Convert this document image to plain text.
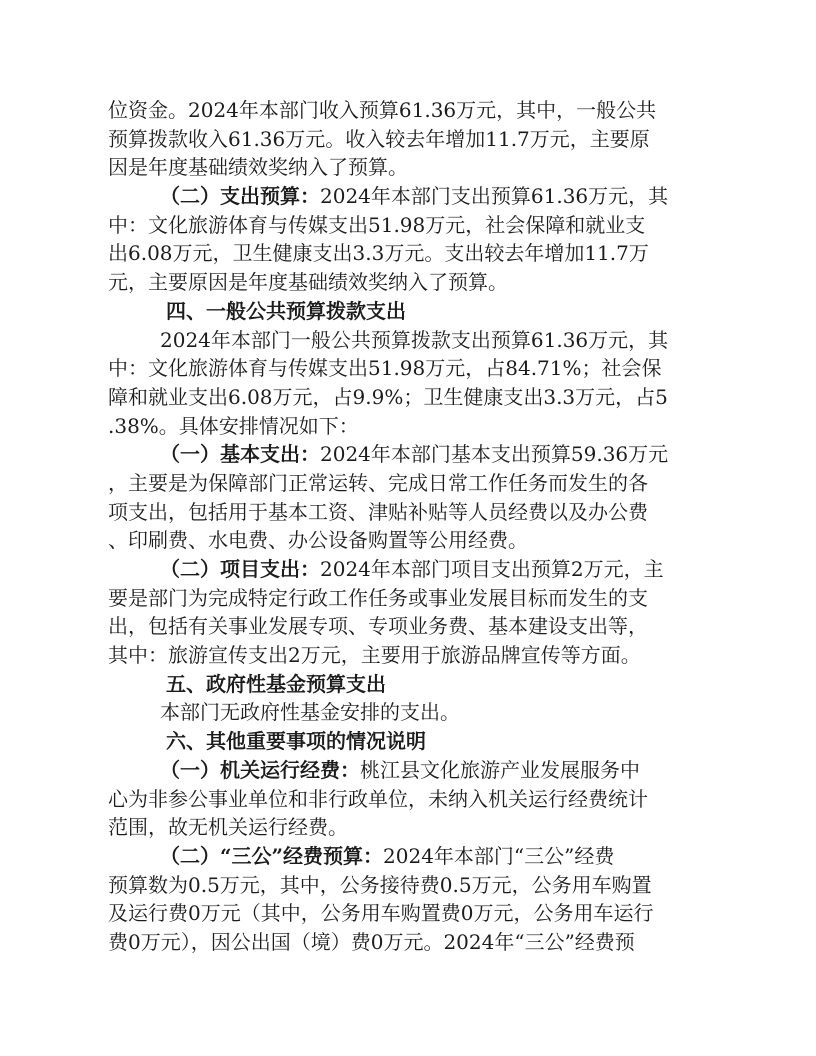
位资金。2024年本部门收入预算61.36万元，其中，一般公共
预算拨款收入61.36万元。收入较去年增加11.7万元，主要原
因是年度基础绩效奖纳入了预算。
（二）支出预算：2024年本部门支出预算61.36万元，其
中：文化旅游体育与传媒支出51.98万元，社会保障和就业支
出6.08万元，卫生健康支出3.3万元。支出较去年增加11.7万
元，主要原因是年度基础绩效奖纳入了预算。
四、一般公共预算拨款支出
2024年本部门一般公共预算拨款支出预算61.36万元，其
中：文化旅游体育与传媒支出51.98万元，占84.71%；社会保
障和就业支出6.08万元，占9.9%；卫生健康支出3.3万元，占5
.38%。具体安排情况如下：
（一）基本支出：2024年本部门基本支出预算59.36万元
，主要是为保障部门正常运转、完成日常工作任务而发生的各
项支出，包括用于基本工资、津贴补贴等人员经费以及办公费
、印刷费、水电费、办公设备购置等公用经费。
（二）项目支出：2024年本部门项目支出预算2万元，主
要是部门为完成特定行政工作任务或事业发展目标而发生的支
出，包括有关事业发展专项、专项业务费、基本建设支出等，
其中：旅游宣传支出2万元，主要用于旅游品牌宣传等方面。
五、政府性基金预算支出
本部门无政府性基金安排的支出。
六、其他重要事项的情况说明
（一）机关运行经费：桃江县文化旅游产业发展服务中
心为非参公事业单位和非行政单位，未纳入机关运行经费统计
范围，故无机关运行经费。
（二）“三公”经费预算：2024年本部门“三公”经费
预算数为0.5万元，其中，公务接待费0.5万元，公务用车购置
及运行费0万元（其中，公务用车购置费0万元，公务用车运行
费0万元），因公出国（境）费0万元。2024年“三公”经费预
